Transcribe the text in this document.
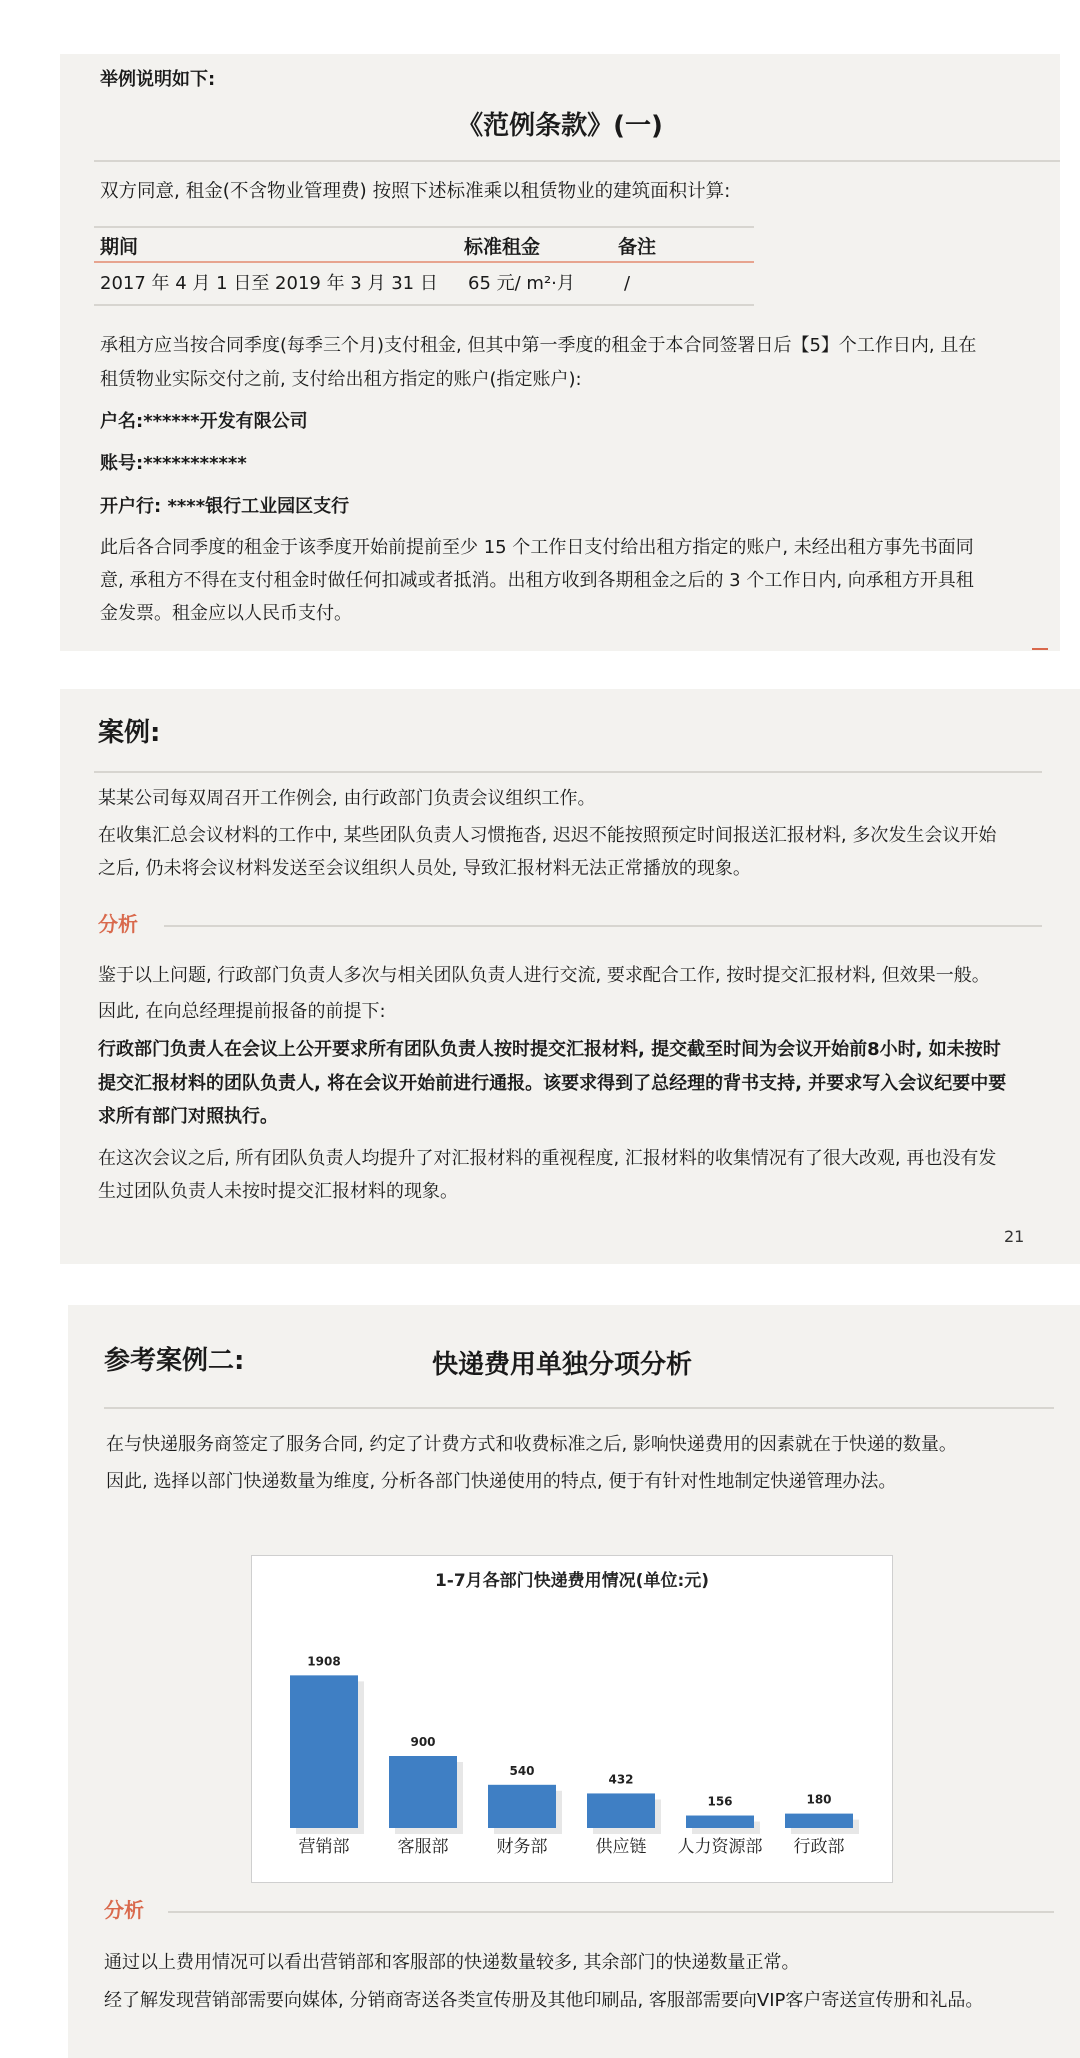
举例说明如下:
《范例条款》(一)
双方同意, 租金(不含物业管理费) 按照下述标准乘以租赁物业的建筑面积计算:
期间	标准租金	备注
2017 年 4 月 1 日至 2019 年 3 月 31 日 65 元/ m²·月	/
承租方应当按合同季度(每季三个月)支付租金, 但其中第一季度的租金于本合同签署日后【5】个工作日内, 且在
租赁物业实际交付之前, 支付给出租方指定的账户(指定账户):
户名:******开发有限公司
账号:***********
开户行: ****银行工业园区支行
此后各合同季度的租金于该季度开始前提前至少 15 个工作日支付给出租方指定的账户, 未经出租方事先书面同
意, 承租方不得在支付租金时做任何扣减或者抵消。出租方收到各期租金之后的 3 个工作日内, 向承租方开具租
金发票。租金应以人民币支付。
案例:
某某公司每双周召开工作例会, 由行政部门负责会议组织工作。
在收集汇总会议材料的工作中, 某些团队负责人习惯拖沓, 迟迟不能按照预定时间报送汇报材料, 多次发生会议开始
之后, 仍未将会议材料发送至会议组织人员处, 导致汇报材料无法正常播放的现象。
分析
鉴于以上问题, 行政部门负责人多次与相关团队负责人进行交流, 要求配合工作, 按时提交汇报材料, 但效果一般。
因此, 在向总经理提前报备的前提下:
行政部门负责人在会议上公开要求所有团队负责人按时提交汇报材料, 提交截至时间为会议开始前8小时, 如未按时
提交汇报材料的团队负责人, 将在会议开始前进行通报。该要求得到了总经理的背书支持, 并要求写入会议纪要中要
求所有部门对照执行。
在这次会议之后, 所有团队负责人均提升了对汇报材料的重视程度, 汇报材料的收集情况有了很大改观, 再也没有发
生过团队负责人未按时提交汇报材料的现象。
21
参考案例二:	快递费用单独分项分析
在与快递服务商签定了服务合同, 约定了计费方式和收费标准之后, 影响快递费用的因素就在于快递的数量。
因此, 选择以部门快递数量为维度, 分析各部门快递使用的特点, 便于有针对性地制定快递管理办法。
1-7月各部门快递费用情况(单位:元)
1908
营销部
900
客服部
540
财务部
432
供应链
156
人力资源部
180
行政部
分析
通过以上费用情况可以看出营销部和客服部的快递数量较多, 其余部门的快递数量正常。
经了解发现营销部需要向媒体, 分销商寄送各类宣传册及其他印刷品, 客服部需要向VIP客户寄送宣传册和礼品。
